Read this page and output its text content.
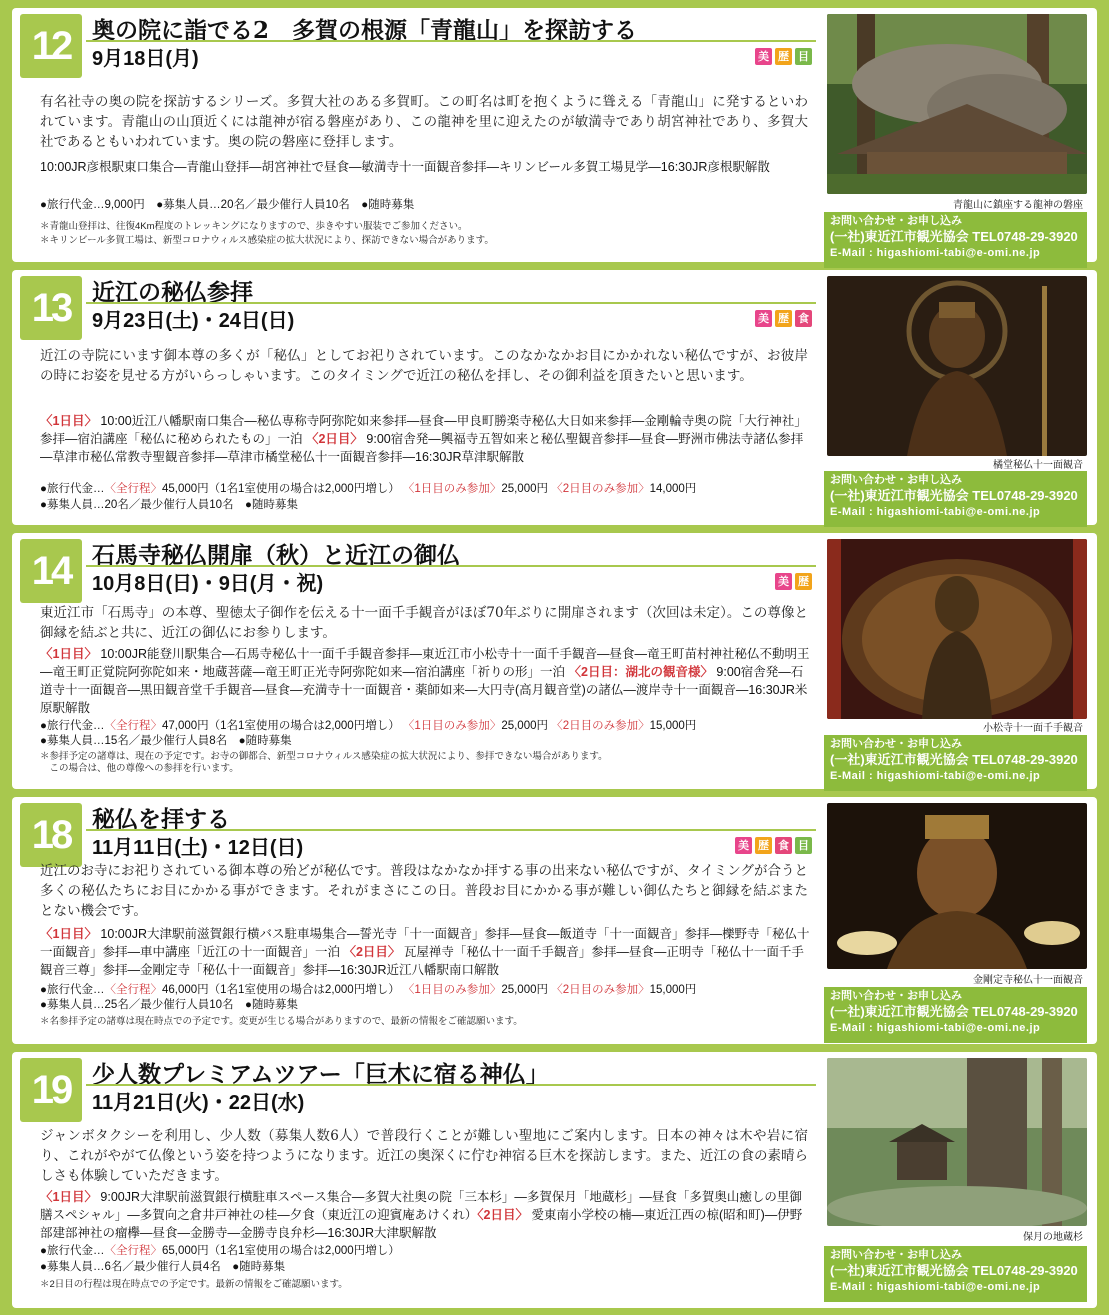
12 奥の院に詣でる2　多賀の根源「青龍山」を探訪する
9月18日(月)	美 歴 目
有名社寺の奥の院を探訪するシリーズ。多賀大社のある多賀町。この町名は町を抱くように聳える「青龍山」に発するといわれています。青龍山の山頂近くには龍神が宿る磐座があり、この龍神を里に迎えたのが敏満寺であり胡宮神社であり、多賀大社であるともいわれています。奥の院の磐座に登拝します。
10:00JR彦根駅東口集合―青龍山登拝―胡宮神社で昼食―敏満寺十一面観音参拝―キリンビール多賀工場見学―16:30JR彦根駅解散
●旅行代金…9,000円　●募集人員…20名／最少催行人員10名　●随時募集
＊青龍山登拝は、往復4Km程度のトレッキングになりますので、歩きやすい服装でご参加ください。
＊キリンビール多賀工場は、新型コロナウィルス感染症の拡大状況により、探訪できない場合があります。
青龍山に鎮座する龍神の磐座
お問い合わせ・お申し込み
(一社)東近江市観光協会 TEL0748-29-3920
E-Mail : higashiomi-tabi@e-omi.ne.jp
13 近江の秘仏参拝
9月23日(土)・24日(日)	美 歴 食
近江の寺院にいます御本尊の多くが「秘仏」としてお祀りされています。このなかなかお目にかかれない秘仏ですが、お彼岸の時にお姿を見せる方がいらっしゃいます。このタイミングで近江の秘仏を拝し、その御利益を頂きたいと思います。
〈1日目〉 10:00近江八幡駅南口集合―秘仏専称寺阿弥陀如来参拝―昼食―甲良町勝楽寺秘仏大日如来参拝―金剛輪寺奥の院「大行神社」参拝―宿泊講座「秘仏に秘められたもの」一泊 〈2日目〉 9:00宿舎発―興福寺五智如来と秘仏聖観音参拝―昼食―野洲市佛法寺諸仏参拝―草津市秘仏常教寺聖観音参拝―草津市橘堂秘仏十一面観音参拝―16:30JR草津駅解散
●旅行代金…〈全行程〉45,000円（1名1室使用の場合は2,000円増し） 〈1日目のみ参加〉25,000円 〈2日目のみ参加〉14,000円
●募集人員…20名／最少催行人員10名　●随時募集
橘堂秘仏十一面観音
お問い合わせ・お申し込み
(一社)東近江市観光協会 TEL0748-29-3920
E-Mail : higashiomi-tabi@e-omi.ne.jp
14 石馬寺秘仏開扉（秋）と近江の御仏
10月8日(日)・9日(月・祝)	美 歴
東近江市「石馬寺」の本尊、聖徳太子御作を伝える十一面千手観音がほぼ70年ぶりに開扉されます（次回は未定）。この尊像と御縁を結ぶと共に、近江の御仏にお参りします。
〈1日目〉 10:00JR能登川駅集合―石馬寺秘仏十一面千手観音参拝―東近江市小松寺十一面千手観音―昼食―竜王町苗村神社秘仏不動明王―竜王町正覚院阿弥陀如来・地蔵菩薩―竜王町正光寺阿弥陀如来―宿泊講座「祈りの形」一泊 〈2日目：湖北の観音様〉 9:00宿舎発―石道寺十一面観音―黒田観音堂千手観音―昼食―充満寺十一面観音・薬師如来―大円寺(高月観音堂)の諸仏―渡岸寺十一面観音―16:30JR米原駅解散
●旅行代金…〈全行程〉47,000円（1名1室使用の場合は2,000円増し） 〈1日目のみ参加〉25,000円 〈2日目のみ参加〉15,000円
●募集人員…15名／最少催行人員8名　●随時募集
＊参拝予定の諸尊は、現在の予定です。お寺の御都合、新型コロナウィルス感染症の拡大状況により、参拝できない場合があります。
　この場合は、他の尊像への参拝を行います。
小松寺十一面千手観音
お問い合わせ・お申し込み
(一社)東近江市観光協会 TEL0748-29-3920
E-Mail : higashiomi-tabi@e-omi.ne.jp
18 秘仏を拝する
11月11日(土)・12日(日)	美 歴 食 目
近江のお寺にお祀りされている御本尊の殆どが秘仏です。普段はなかなか拝する事の出来ない秘仏ですが、タイミングが合うと多くの秘仏たちにお目にかかる事ができます。それがまさにこの日。普段お目にかかる事が難しい御仏たちと御縁を結ぶまたとない機会です。
〈1日目〉 10:00JR大津駅前滋賀銀行横バス駐車場集合―誓光寺「十一面観音」参拝―昼食―飯道寺「十一面観音」参拝―櫟野寺「秘仏十一面観音」参拝―車中講座「近江の十一面観音」一泊 〈2日目〉 瓦屋禅寺「秘仏十一面千手観音」参拝―昼食―正明寺「秘仏十一面千手観音三尊」参拝―金剛定寺「秘仏十一面観音」参拝―16:30JR近江八幡駅南口解散
●旅行代金…〈全行程〉46,000円（1名1室使用の場合は2,000円増し） 〈1日目のみ参加〉25,000円 〈2日目のみ参加〉15,000円
●募集人員…25名／最少催行人員10名　●随時募集
＊名参拝予定の諸尊は現在時点での予定です。変更が生じる場合がありますので、最新の情報をご確認願います。
金剛定寺秘仏十一面観音
お問い合わせ・お申し込み
(一社)東近江市観光協会 TEL0748-29-3920
E-Mail : higashiomi-tabi@e-omi.ne.jp
19 少人数プレミアムツアー「巨木に宿る神仏」
11月21日(火)・22日(水)
ジャンボタクシーを利用し、少人数（募集人数6人）で普段行くことが難しい聖地にご案内します。日本の神々は木や岩に宿り、これがやがて仏像という姿を持つようになります。近江の奥深くに佇む神宿る巨木を探訪します。また、近江の食の素晴らしさも体験していただきます。
〈1日目〉 9:00JR大津駅前滋賀銀行横駐車スペース集合―多賀大社奥の院「三本杉」―多賀保月「地蔵杉」―昼食「多賀奥山癒しの里御膳スペシャル」―多賀向之倉井戸神社の桂―夕食（東近江の迎賓庵あけくれ）〈2日目〉 愛東南小学校の楠―東近江西の椋(昭和町)―伊野部建部神社の瘤欅―昼食―金勝寺―金勝寺良弁杉―16:30JR大津駅解散
●旅行代金…〈全行程〉65,000円（1名1室使用の場合は2,000円増し）
●募集人員…6名／最少催行人員4名　●随時募集
＊2日目の行程は現在時点での予定です。最新の情報をご確認願います。
保月の地蔵杉
お問い合わせ・お申し込み
(一社)東近江市観光協会 TEL0748-29-3920
E-Mail : higashiomi-tabi@e-omi.ne.jp
